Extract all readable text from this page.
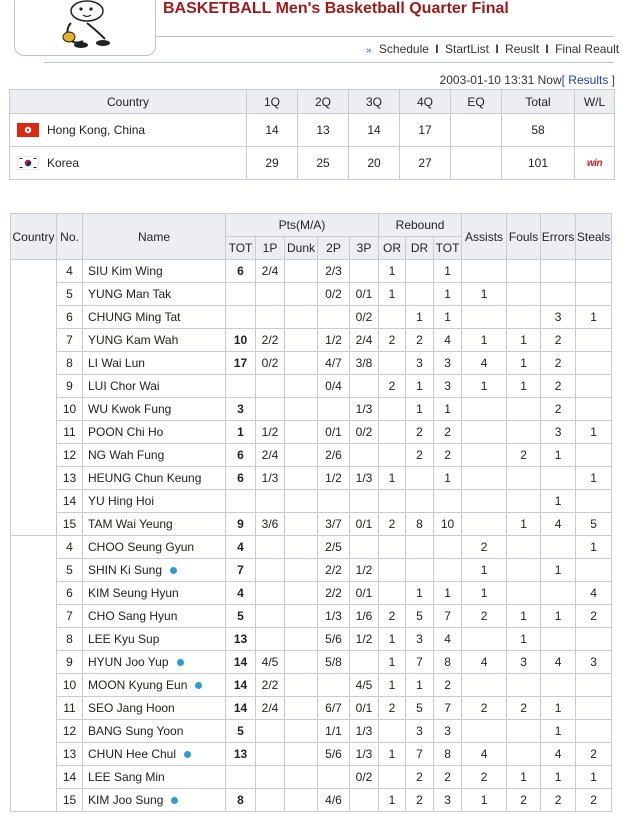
BASKETBALL Men's Basketball Quarter Final
» Schedule I StartList I Reuslt I Final Reault
2003-01-10 13:31 Now[ Results ]
Country	1Q	2Q	3Q	4Q	EQ	Total	W/L
Hong Kong, China	14	13	14	17		58	
Korea	29	25	20	27		101	win
Country	No.	Name	Pts(M/A)					Rebound			Assists	Fouls	Errors	Steals
			TOT	1P	Dunk	2P	3P	OR	DR	TOT				
	4	SIU Kim Wing	6	2/4		2/3		1		1				
	5	YUNG Man Tak				0/2	0/1	1		1	1			
	6	CHUNG Ming Tat					0/2		1	1			3	1
	7	YUNG Kam Wah	10	2/2		1/2	2/4	2	2	4	1	1	2	
	8	LI Wai Lun	17	0/2		4/7	3/8		3	3	4	1	2	
	9	LUI Chor Wai				0/4		2	1	3	1	1	2	
	10	WU Kwok Fung	3				1/3		1	1			2	
	11	POON Chi Ho	1	1/2		0/1	0/2		2	2			3	1
	12	NG Wah Fung	6	2/4		2/6			2	2		2	1	
	13	HEUNG Chun Keung	6	1/3		1/2	1/3	1		1				1
	14	YU Hing Hoi											1	
	15	TAM Wai Yeung	9	3/6		3/7	0/1	2	8	10		1	4	5
	4	CHOO Seung Gyun	4			2/5					2			1
	5	SHIN Ki Sung	7			2/2	1/2				1		1	
	6	KIM Seung Hyun	4			2/2	0/1		1	1	1			4
	7	CHO Sang Hyun	5			1/3	1/6	2	5	7	2	1	1	2
	8	LEE Kyu Sup	13			5/6	1/2	1	3	4		1		
	9	HYUN Joo Yup	14	4/5		5/8		1	7	8	4	3	4	3
	10	MOON Kyung Eun	14	2/2			4/5	1	1	2				
	11	SEO Jang Hoon	14	2/4		6/7	0/1	2	5	7	2	2	1	
	12	BANG Sung Yoon	5			1/1	1/3		3	3			1	
	13	CHUN Hee Chul	13			5/6	1/3	1	7	8	4		4	2
	14	LEE Sang Min					0/2		2	2	2	1	1	1
	15	KIM Joo Sung	8			4/6		1	2	3	1	2	2	2
